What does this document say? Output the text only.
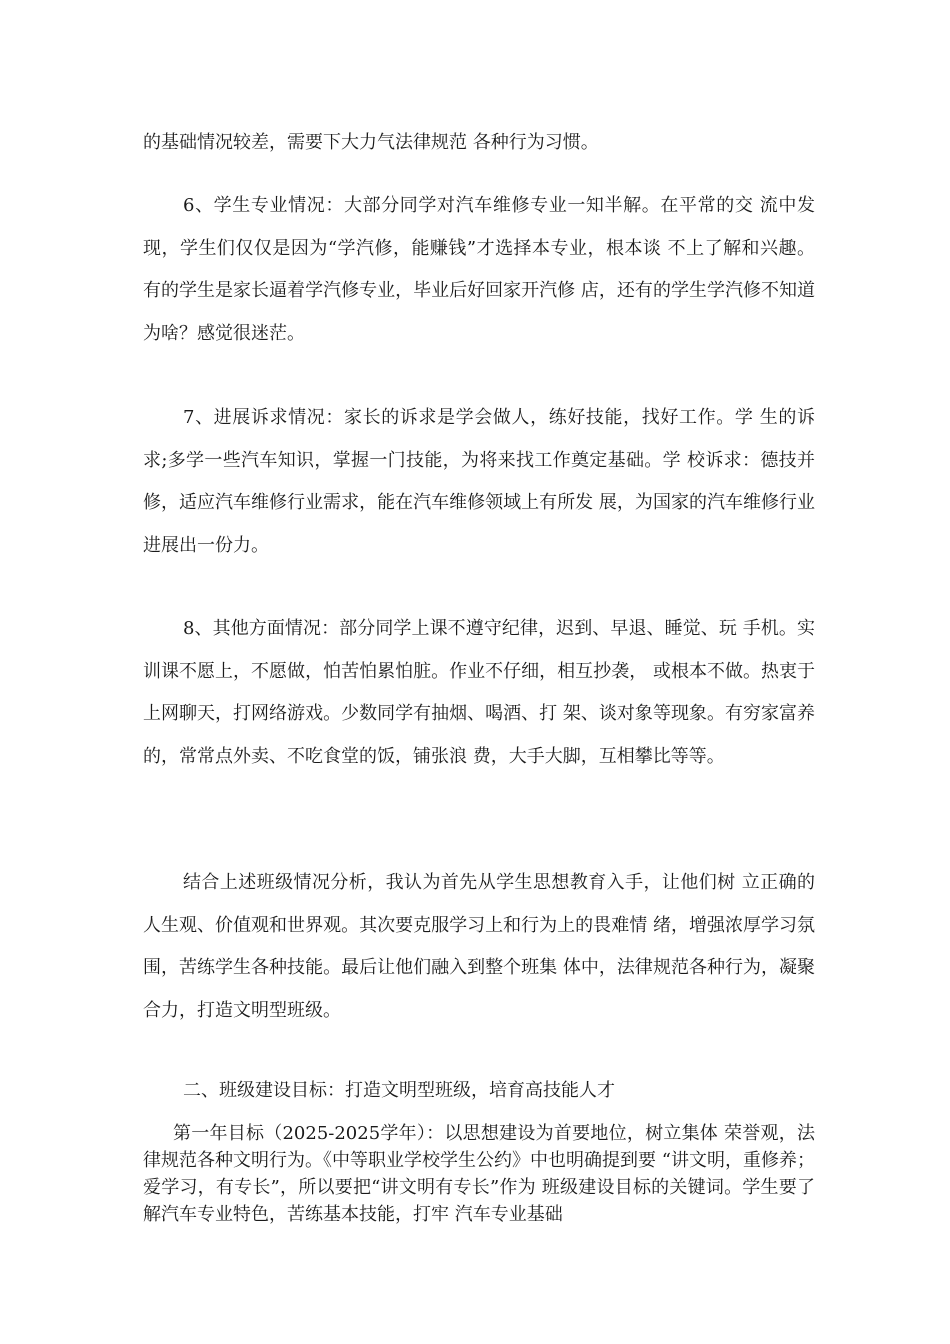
的基础情况较差，需要下大力气法律规范 各种行为习惯。

6、学生专业情况：大部分同学对汽车维修专业一知半解。在平常的交 流中发现，学生们仅仅是因为“学汽修，能赚钱”才选择本专业，根本谈 不上了解和兴趣。有的学生是家长逼着学汽修专业，毕业后好回家开汽修 店，还有的学生学汽修不知道为啥？感觉很迷茫。

7、进展诉求情况：家长的诉求是学会做人，练好技能，找好工作。学 生的诉求;多学一些汽车知识，掌握一门技能，为将来找工作奠定基础。学 校诉求：德技并修，适应汽车维修行业需求，能在汽车维修领域上有所发 展，为国家的汽车维修行业进展出一份力。

8、其他方面情况：部分同学上课不遵守纪律，迟到、早退、睡觉、玩 手机。实训课不愿上，不愿做，怕苦怕累怕脏。作业不仔细，相互抄袭， 或根本不做。热衷于上网聊天，打网络游戏。少数同学有抽烟、喝酒、打 架、谈对象等现象。有穷家富养的，常常点外卖、不吃食堂的饭，铺张浪 费，大手大脚，互相攀比等等。

结合上述班级情况分析，我认为首先从学生思想教育入手，让他们树 立正确的人生观、价值观和世界观。其次要克服学习上和行为上的畏难情 绪，增强浓厚学习氛围，苦练学生各种技能。最后让他们融入到整个班集 体中，法律规范各种行为，凝聚合力，打造文明型班级。

二、班级建设目标：打造文明型班级，培育高技能人才

第一年目标（2025-2025学年）：以思想建设为首要地位，树立集体 荣誉观，法律规范各种文明行为。《中等职业学校学生公约》中也明确提到要 “讲文明，重修养；爱学习，有专长”，所以要把“讲文明有专长”作为 班级建设目标的关键词。学生要了解汽车专业特色，苦练基本技能，打牢 汽车专业基础
